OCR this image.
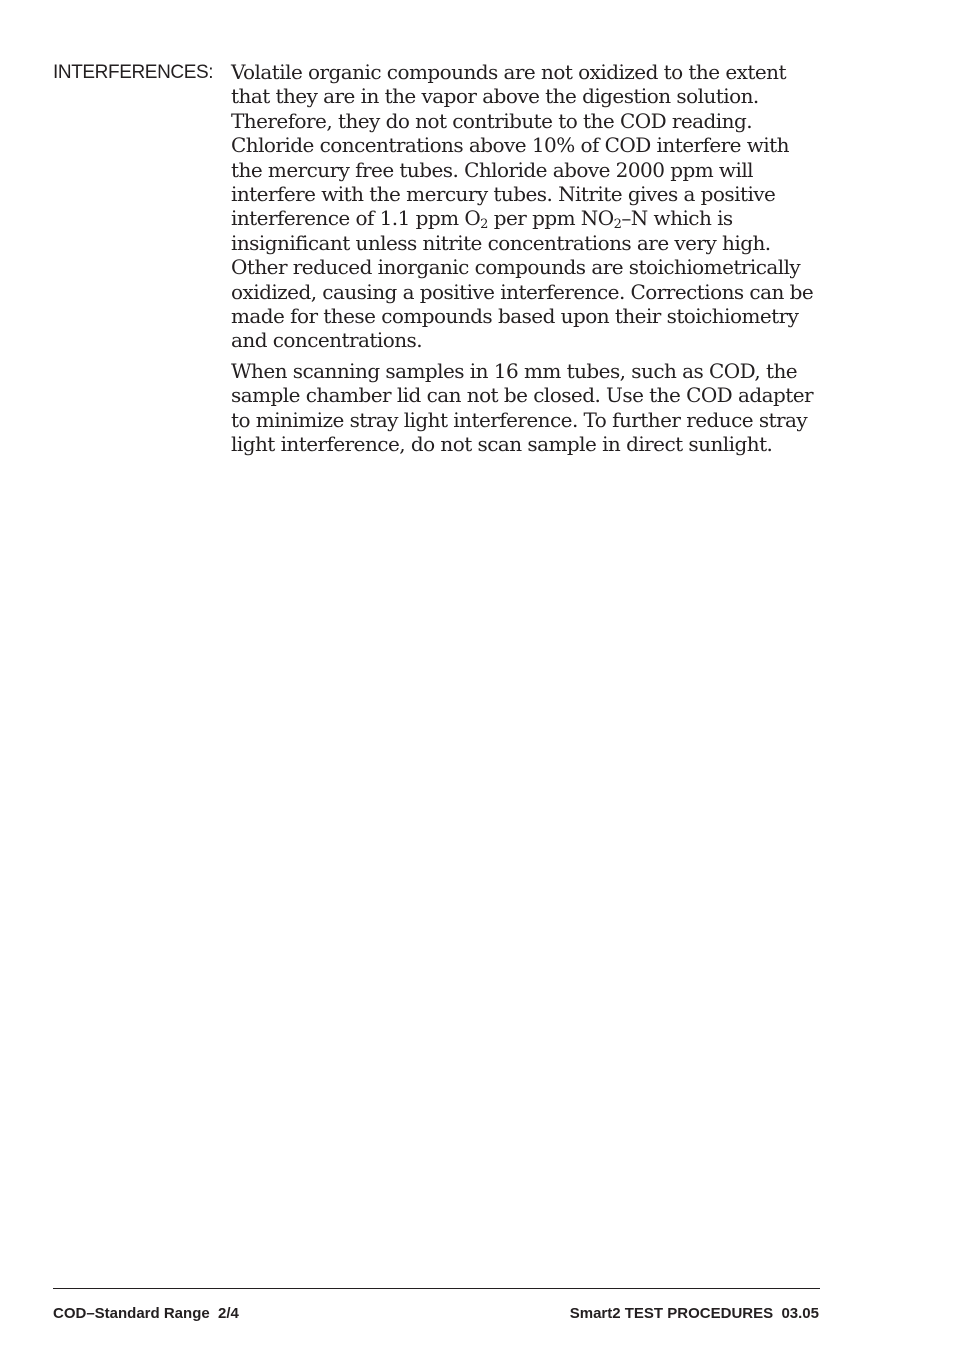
INTERFERENCES: Volatile organic compounds are not oxidized to the extent
that they are in the vapor above the digestion solution.
Therefore, they do not contribute to the COD reading.
Chloride concentrations above 10% of COD interfere with
the mercury free tubes. Chloride above 2000 ppm will
interfere with the mercury tubes. Nitrite gives a positive
interference of 1.1 ppm $O_2$ per ppm $NO_2-N$ which is
insignificant unless nitrite concentrations are very high.
Other reduced inorganic compounds are stoichiometrically
oxidized, causing a positive interference. Corrections can be
made for these compounds based upon their stoichiometry
and concentrations.

When scanning samples in 16 mm tubes, such as COD, the
sample chamber lid can not be closed. Use the COD adapter
to minimize stray light interference. To further reduce stray
light interference, do not scan sample in direct sunlight.

COD–Standard Range  2/4	Smart2 TEST PROCEDURES  03.05
